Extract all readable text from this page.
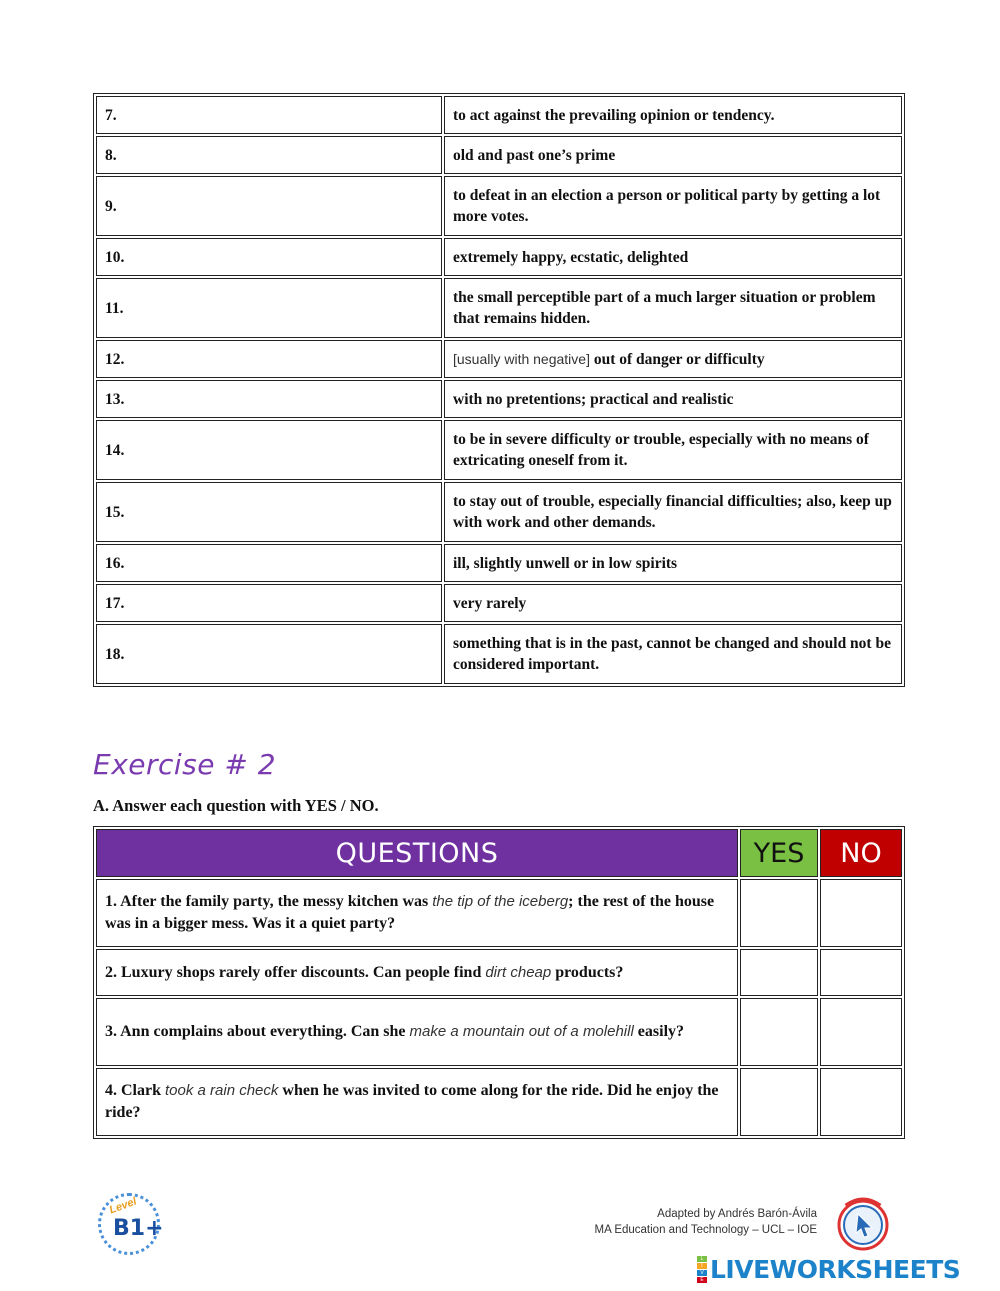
7.	to act against the prevailing opinion or tendency.
8.	old and past one’s prime
9.	to defeat in an election a person or political party by getting a lot more votes.
10.	extremely happy, ecstatic, delighted
11.	the small perceptible part of a much larger situation or problem that remains hidden.
12.	[usually with negative] out of danger or difficulty
13.	with no pretentions; practical and realistic
14.	to be in severe difficulty or trouble, especially with no means of extricating oneself from it.
15.	to stay out of trouble, especially financial difficulties; also, keep up with work and other demands.
16.	ill, slightly unwell or in low spirits
17.	very rarely
18.	something that is in the past, cannot be changed and should not be considered important.
Exercise # 2
A. Answer each question with YES / NO.
QUESTIONS	YES	NO
1. After the family party, the messy kitchen was the tip of the iceberg; the rest of the house was in a bigger mess. Was it a quiet party?		
2. Luxury shops rarely offer discounts. Can people find dirt cheap products?		
3. Ann complains about everything. Can she make a mountain out of a molehill easily?		
4. Clark took a rain check when he was invited to come along for the ride. Did he enjoy the ride?		
Level
B1+
Adapted by Andrés Barón-Ávila
MA Education and Technology – UCL – IOE
L
I
V
E LIVEWORKSHEETS
